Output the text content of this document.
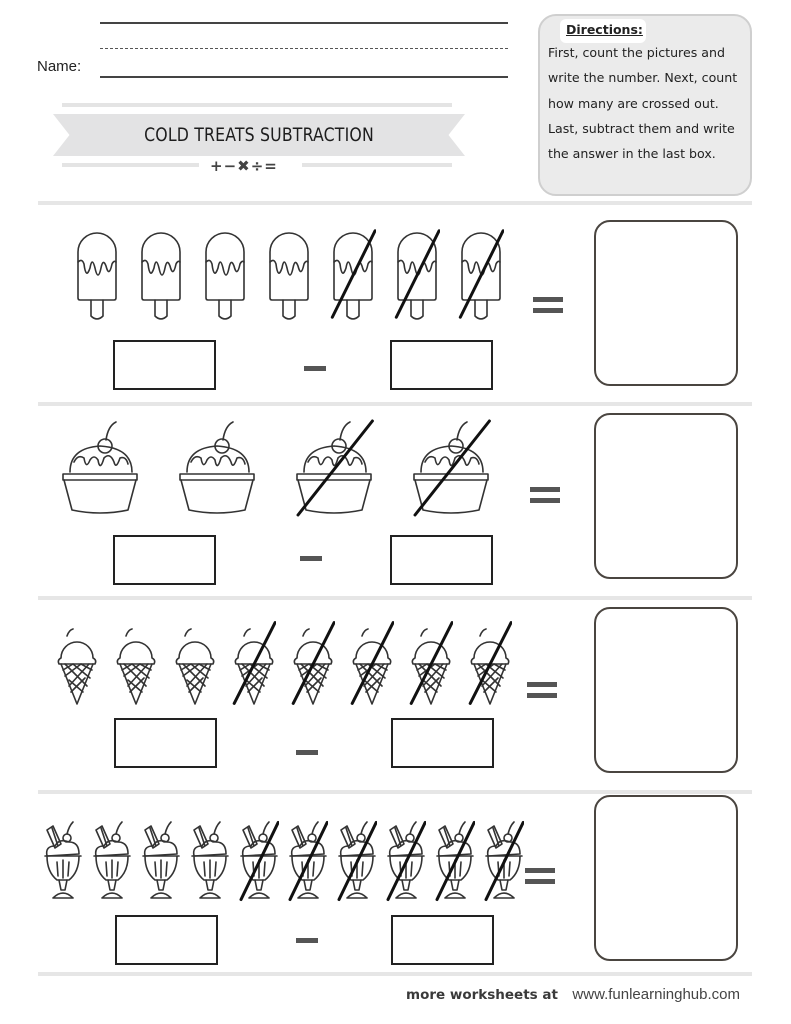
Name:
COLD TREATS SUBTRACTION
+−✖÷=
Directions:
First, count the pictures and write the number. Next, count how many are crossed out. Last, subtract them and write the answer in the last box.
more worksheets at www.funlearninghub.com
